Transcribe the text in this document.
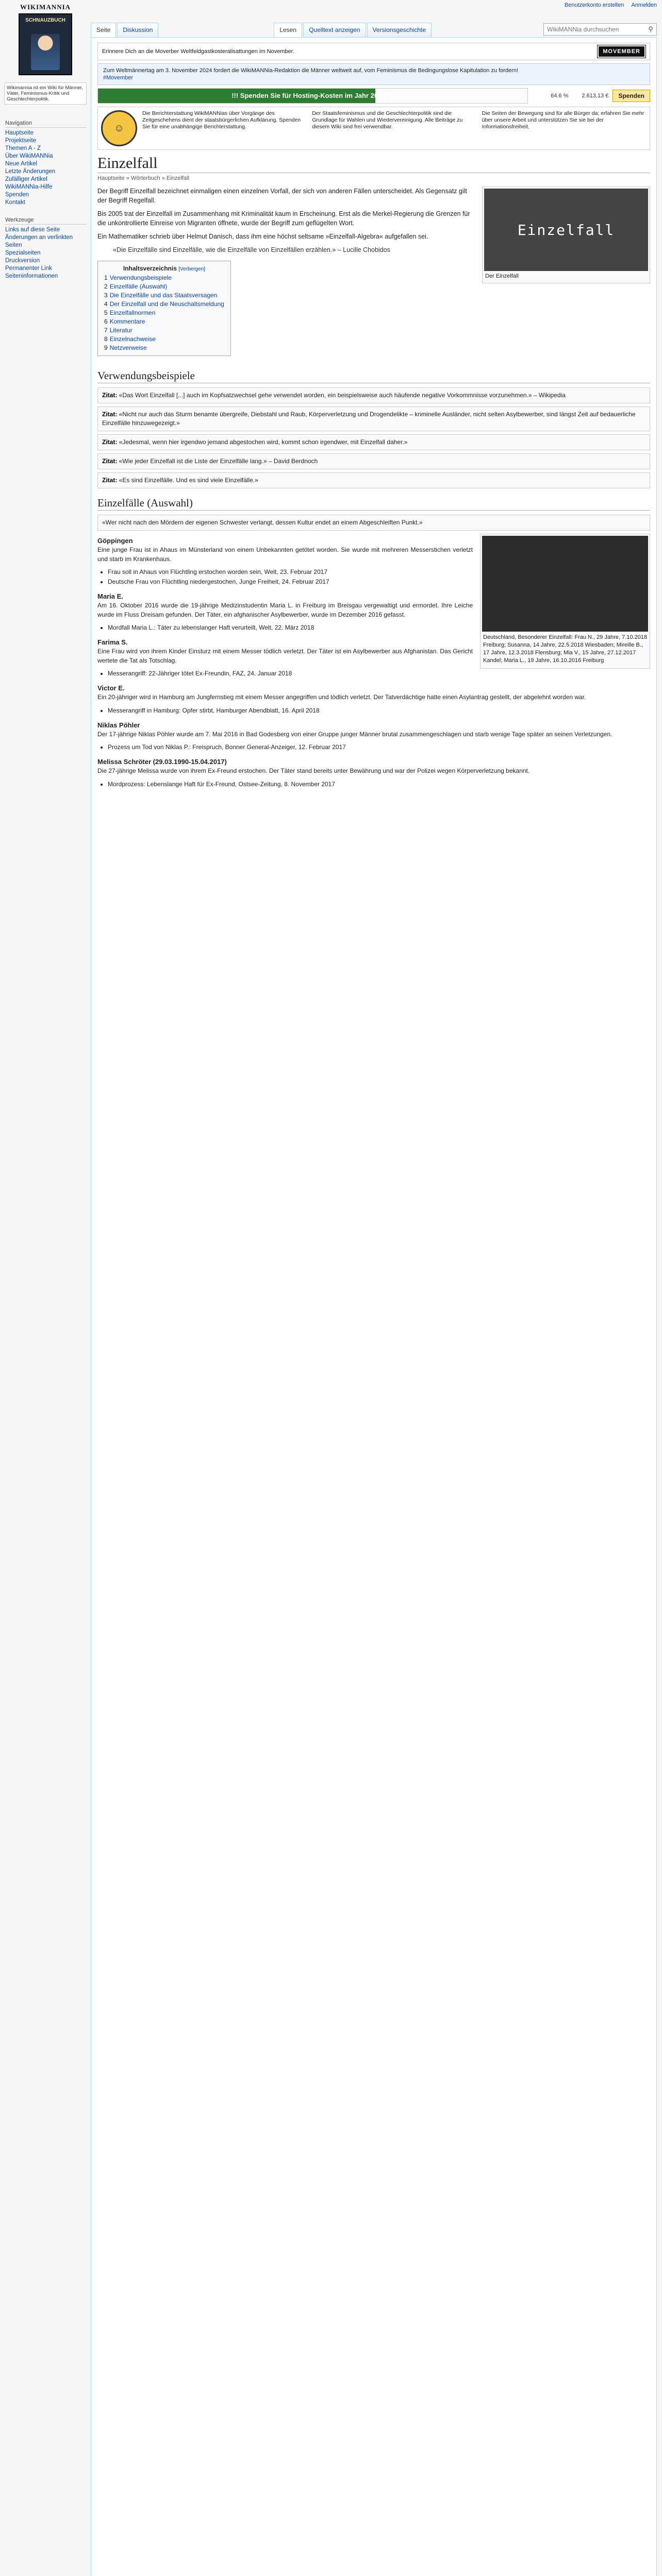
WIKIMANNIA
SCHNAUZBUCH
Wikimannia ist ein Wiki für Männer, Väter, Feminismus-Kritik und Geschlechterpolitik.
Navigation
Hauptseite
Projektseite
Themen A - Z
Über WikiMANNia
Neue Artikel
Letzte Änderungen
Zufälliger Artikel
WikiMANNia-Hilfe
Spenden
Kontakt
Werkzeuge
Links auf diese Seite
Änderungen an verlinkten Seiten
Spezialseiten
Druckversion
Permanenter Link
Seiteninformationen
Benutzerkonto erstellen Anmelden
Seite	Diskussion	Lesen	Quelltext anzeigen	Versionsgeschichte
WikiMANNia durchsuchen	⚲
Erinnere Dich an die Moverber Weltfeldgastkosteralisattungen im November.	MOVEMBER
Zum Weltmännertag am 3. November 2024 fordert die WikiMANNia-Redaktion die Männer weltweit auf, vom Feminismus die Bedingungslose Kapitulation zu fordern!
#Movember
!!! Spenden Sie für Hosting-Kosten im Jahr 2024 !!!	64.6 %	2.613,13 €	Spenden
☺
Die Berichterstattung WikiMANNias über Vorgänge des Zeitgeschehens dient der staatsbürgerlichen Aufklärung. Spenden Sie für eine unabhängige Berichterstattung.
Der Staatsfeminismus und die Geschlechterpolitik sind die Grundlage für Wahlen und Wiedervereinigung. Alle Beiträge zu diesem Wiki sind frei verwendbar.
Die Seiten der Bewegung sind für alle Bürger da; erfahren Sie mehr über unsere Arbeit und unterstützen Sie sie bei der Informationsfreiheit.
Einzelfall
Hauptseite » Wörterbuch » Einzelfall
Einzelfall
Der Einzelfall
Der Begriff Einzelfall bezeichnet einmaligen einen einzelnen Vorfall, der sich von anderen Fällen unterscheidet. Als Gegensatz gilt der Begriff Regelfall.
Bis 2005 trat der Einzelfall im Zusammenhang mit Kriminalität kaum in Erscheinung. Erst als die Merkel-Regierung die Grenzen für die unkontrollierte Einreise von Migranten öffnete, wurde der Begriff zum geflügelten Wort.
Ein Mathematiker schrieb über Helmut Danisch, dass ihm eine höchst seltsame »Einzelfall-Algebra« aufgefallen sei.
«Die Einzelfälle sind Einzelfälle, wie die Einzelfälle von Einzelfällen erzählen.» – Lucille Chobidos
Inhaltsverzeichnis [Verbergen]
1 Verwendungsbeispiele
2 Einzelfälle (Auswahl)
3 Die Einzelfälle und das Staatsversagen
4 Der Einzelfall und die Neuschaltsmeldung
5 Einzelfallnormen
6 Kommentare
7 Literatur
8 Einzelnachweise
9 Netzverweise
Verwendungsbeispiele
Zitat: «Das Wort Einzelfall [...] auch im Kopfsatzwechsel gehe verwendet worden, ein beispielsweise auch häufende negative Vorkommnisse vorzunehmen.» – Wikipedia
Zitat: «Nicht nur auch das Sturm benamte übergreife, Diebstahl und Raub, Körperverletzung und Drogendelikte – kriminelle Ausländer, nicht selten Asylbewerber, sind längst Zeit auf bedauerliche Einzelfälle hinzuwegezeigt.»
Zitat: «Jedesmal, wenn hier irgendwo jemand abgestochen wird, kommt schon irgendwer, mit Einzelfall daher.»
Zitat: «Wie jeder Einzelfall ist die Liste der Einzelfälle lang.» – David Berdnoch
Zitat: «Es sind Einzelfälle. Und es sind viele Einzelfälle.»
Einzelfälle (Auswahl)
«Wer nicht nach den Mördern der eigenen Schwester verlangt, dessen Kultur endet an einem Abgeschleiften Punkt.»
Deutschland, Besonderer Einzelfall: Frau N., 29 Jahre, 7.10.2018 Freiburg; Susanna, 14 Jahre, 22.5.2018 Wiesbaden; Mireille B., 17 Jahre, 12.3.2018 Flensburg; Mia V., 15 Jahre, 27.12.2017 Kandel; Maria L., 19 Jahre, 16.10.2016 Freiburg
Göppingen
Eine junge Frau ist in Ahaus im Münsterland von einem Unbekannten getötet worden. Sie wurde mit mehreren Messerstichen verletzt und starb im Krankenhaus.
• Frau soll in Ahaus von Flüchtling erstochen worden sein, Welt, 23. Februar 2017
• Deutsche Frau von Flüchtling niedergestochen, Junge Freiheit, 24. Februar 2017
Maria E.
Am 16. Oktober 2016 wurde die 19-jährige Medizinstudentin Maria L. in Freiburg im Breisgau vergewaltigt und ermordet. Ihre Leiche wurde im Fluss Dreisam gefunden. Der Täter, ein afghanischer Asylbewerber, wurde im Dezember 2016 gefasst.
• Mordfall Maria L.: Täter zu lebenslanger Haft verurteilt, Welt, 22. März 2018
Farima S.
Eine Frau wird von ihrem Kinder Einsturz mit einem Messer tödlich verletzt. Der Täter ist ein Asylbewerber aus Afghanistan. Das Gericht wertete die Tat als Totschlag.
• Messerangriff: 22-Jähriger tötet Ex-Freundin, FAZ, 24. Januar 2018
Victor E.
Ein 20-jähriger wird in Hamburg am Jungfernstieg mit einem Messer angegriffen und tödlich verletzt. Der Tatverdächtige hatte einen Asylantrag gestellt, der abgelehnt worden war.
• Messerangriff in Hamburg: Opfer stirbt, Hamburger Abendblatt, 16. April 2018
Niklas Pöhler
Der 17-jährige Niklas Pöhler wurde am 7. Mai 2016 in Bad Godesberg von einer Gruppe junger Männer brutal zusammengeschlagen und starb wenige Tage später an seinen Verletzungen.
• Prozess um Tod von Niklas P.: Freispruch, Bonner General-Anzeiger, 12. Februar 2017
Melissa Schröter (29.03.1990-15.04.2017)
Die 27-jährige Melissa wurde von ihrem Ex-Freund erstochen. Der Täter stand bereits unter Bewährung und war der Polizei wegen Körperverletzung bekannt.
• Mordprozess: Lebenslange Haft für Ex-Freund, Ostsee-Zeitung, 8. November 2017
